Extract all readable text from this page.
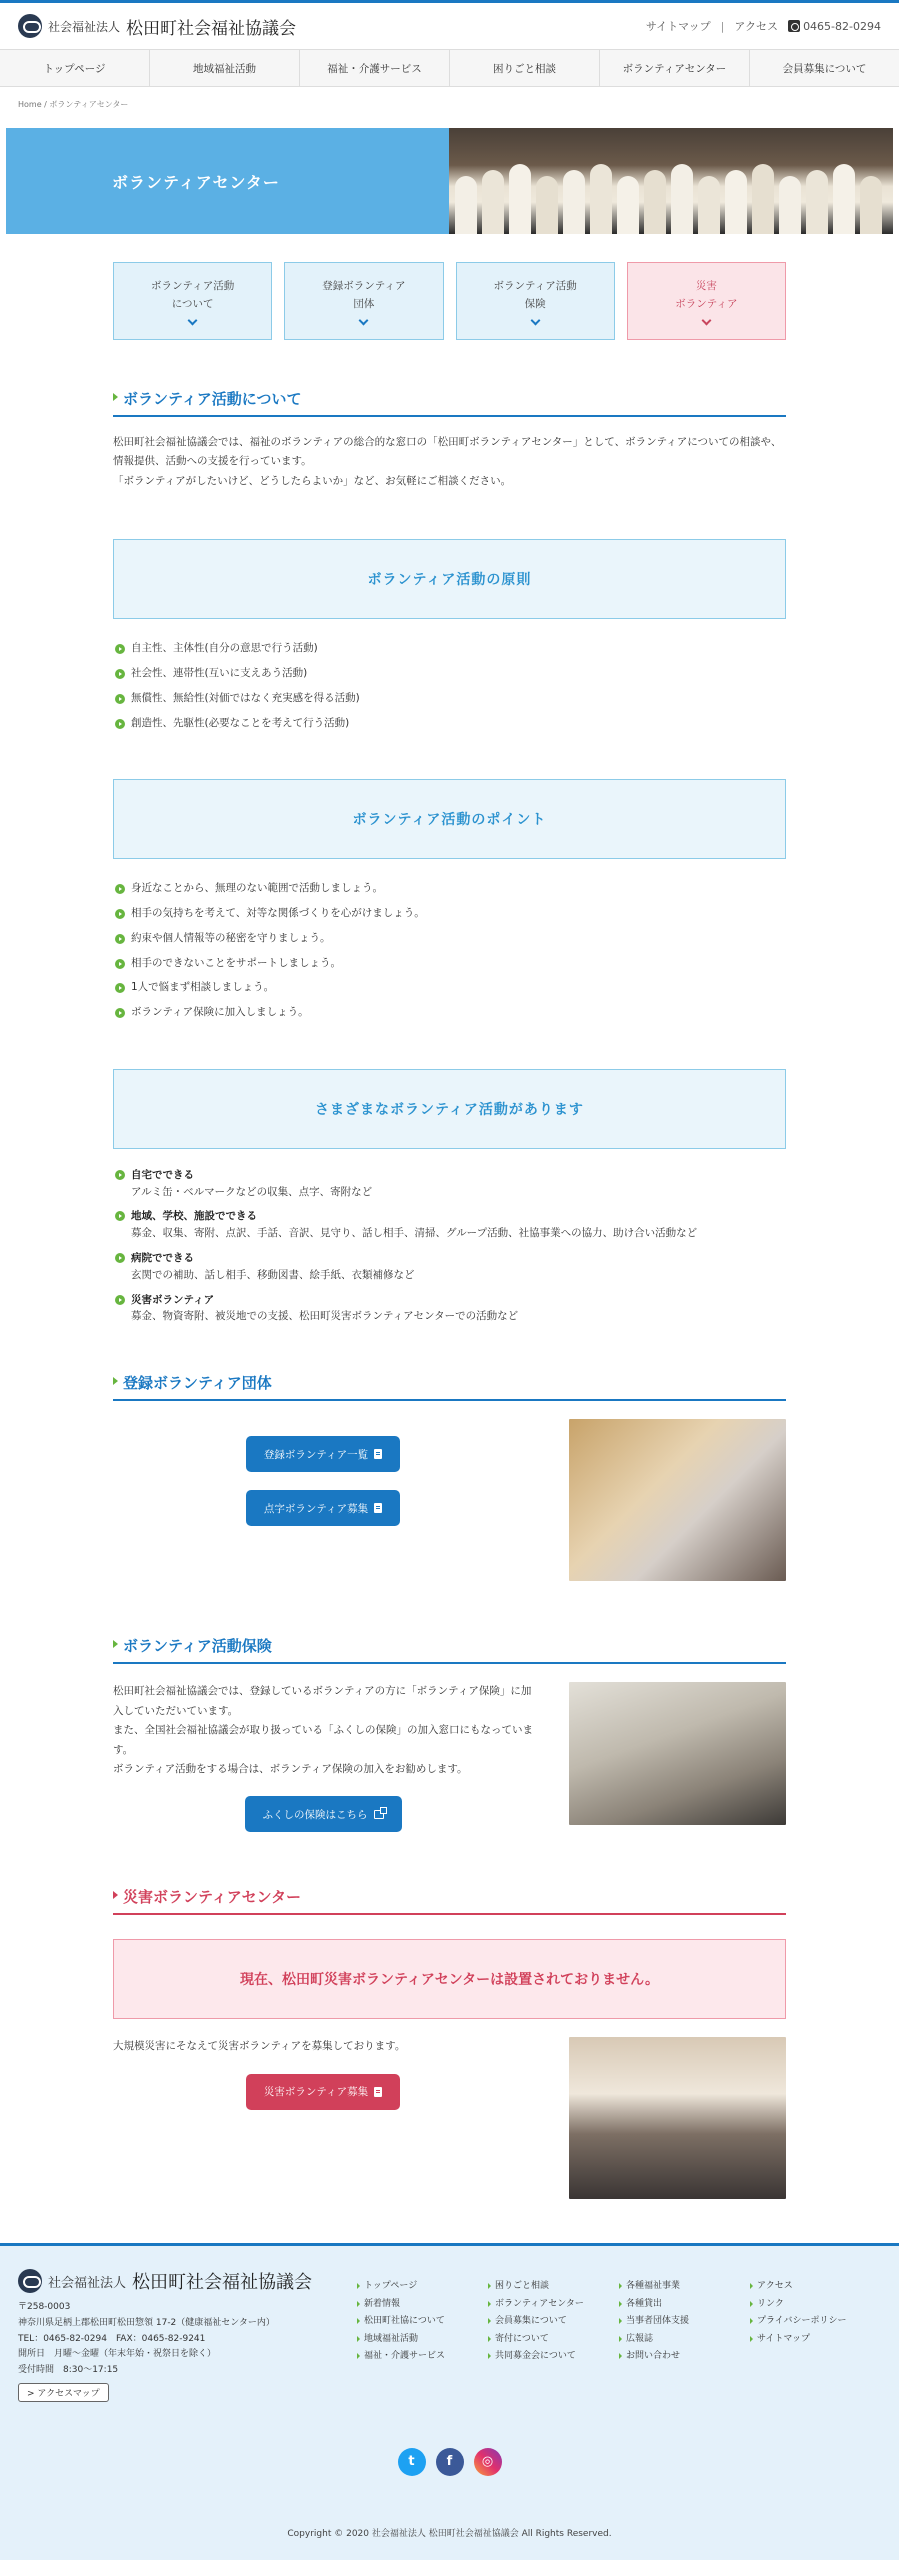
社会福祉法人 松田町社会福祉協議会	サイトマップ | アクセス	0465-82-0294
トップページ	地域福祉活動	福祉・介護サービス	困りごと相談	ボランティアセンター	会員募集について
Home / ボランティアセンター
ボランティアセンター
ボランティア活動
について
登録ボランティア
団体
ボランティア活動
保険
災害
ボランティア
ボランティア活動について

松田町社会福祉協議会では、福祉のボランティアの総合的な窓口の「松田町ボランティアセンター」として、ボランティアについての相談や、情報提供、活動への支援を行っています。

「ボランティアがしたいけど、どうしたらよいか」など、お気軽にご相談ください。

ボランティア活動の原則
自主性、主体性(自分の意思で行う活動)
社会性、連帯性(互いに支えあう活動)
無償性、無給性(対価ではなく充実感を得る活動)
創造性、先駆性(必要なことを考えて行う活動)
ボランティア活動のポイント
身近なことから、無理のない範囲で活動しましょう。
相手の気持ちを考えて、対等な関係づくりを心がけましょう。
約束や個人情報等の秘密を守りましょう。
相手のできないことをサポートしましょう。
1人で悩まず相談しましょう。
ボランティア保険に加入しましょう。
さまざまなボランティア活動があります
自宅でできる
アルミ缶・ベルマークなどの収集、点字、寄附など
地域、学校、施設でできる
募金、収集、寄附、点訳、手話、音訳、見守り、話し相手、清掃、グループ活動、社協事業への協力、助け合い活動など
病院でできる
玄関での補助、話し相手、移動図書、絵手紙、衣類補修など
災害ボランティア
募金、物資寄附、被災地での支援、松田町災害ボランティアセンターでの活動など
登録ボランティア団体
登録ボランティア一覧
点字ボランティア募集
ボランティア活動保険

松田町社会福祉協議会では、登録しているボランティアの方に「ボランティア保険」に加入していただいています。

また、全国社会福祉協議会が取り扱っている「ふくしの保険」の加入窓口にもなっています。

ボランティア活動をする場合は、ボランティア保険の加入をお勧めします。

ふくしの保険はこちら
災害ボランティアセンター
現在、松田町災害ボランティアセンターは設置されておりません。

大規模災害にそなえて災害ボランティアを募集しております。

災害ボランティア募集
社会福祉法人 松田町社会福祉協議会

〒258-0003

神奈川県足柄上郡松田町松田惣領 17-2（健康福祉センター内）

TEL：0465-82-0294　FAX：0465-82-9241

開所日　月曜～金曜（年末年始・祝祭日を除く）

受付時間　8:30～17:15

> アクセスマップ
トップページ
新着情報
松田町社協について
地域福祉活動
福祉・介護サービス
困りごと相談
ボランティアセンター
会員募集について
寄付について
共同募金会について
各種福祉事業
各種貸出
当事者団体支援
広報誌
お問い合わせ
アクセス
リンク
プライバシーポリシー
サイトマップ
t	f	◎

Copyright © 2020 社会福祉法人 松田町社会福祉協議会 All Rights Reserved.
